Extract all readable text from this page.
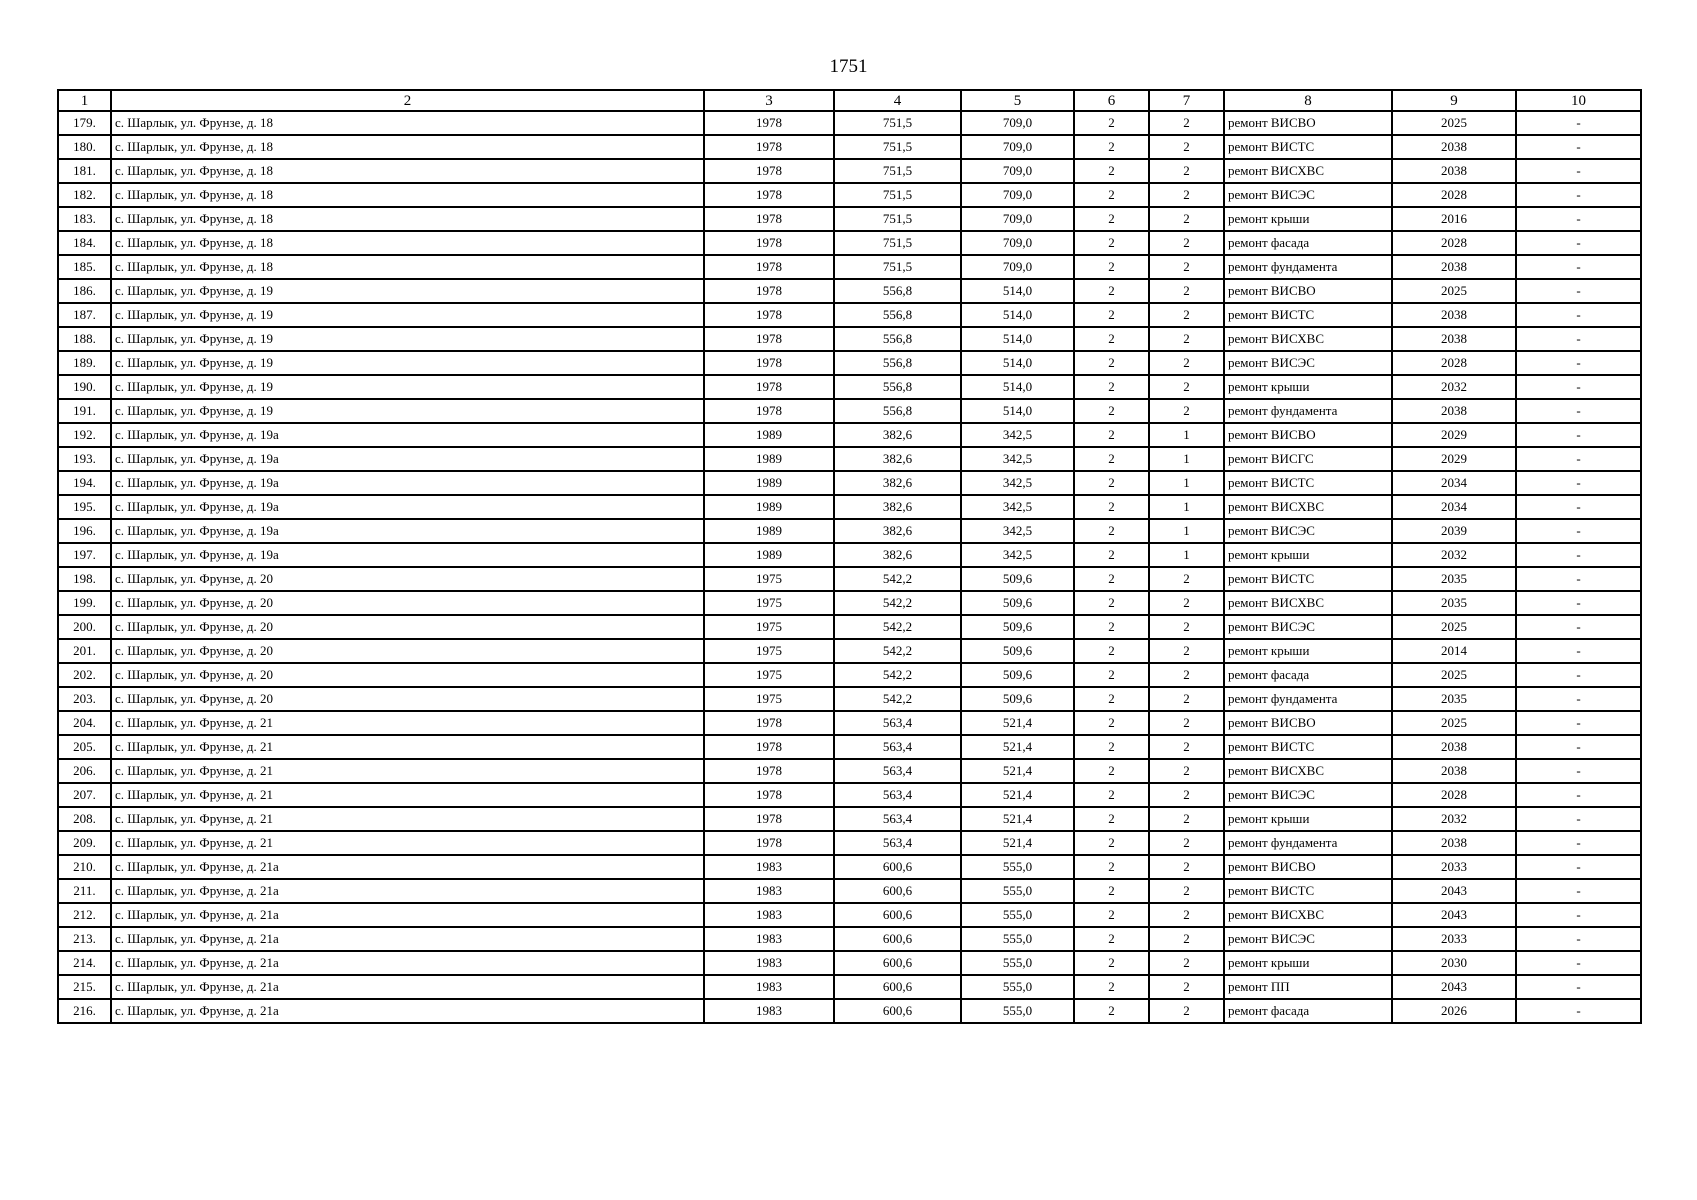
1751
1	2	3	4	5	6	7	8	9	10
179.	с. Шарлык, ул. Фрунзе, д. 18	1978	751,5	709,0	2	2	ремонт ВИСВО	2025	-
180.	с. Шарлык, ул. Фрунзе, д. 18	1978	751,5	709,0	2	2	ремонт ВИСТС	2038	-
181.	с. Шарлык, ул. Фрунзе, д. 18	1978	751,5	709,0	2	2	ремонт ВИСХВС	2038	-
182.	с. Шарлык, ул. Фрунзе, д. 18	1978	751,5	709,0	2	2	ремонт ВИСЭС	2028	-
183.	с. Шарлык, ул. Фрунзе, д. 18	1978	751,5	709,0	2	2	ремонт крыши	2016	-
184.	с. Шарлык, ул. Фрунзе, д. 18	1978	751,5	709,0	2	2	ремонт фасада	2028	-
185.	с. Шарлык, ул. Фрунзе, д. 18	1978	751,5	709,0	2	2	ремонт фундамента	2038	-
186.	с. Шарлык, ул. Фрунзе, д. 19	1978	556,8	514,0	2	2	ремонт ВИСВО	2025	-
187.	с. Шарлык, ул. Фрунзе, д. 19	1978	556,8	514,0	2	2	ремонт ВИСТС	2038	-
188.	с. Шарлык, ул. Фрунзе, д. 19	1978	556,8	514,0	2	2	ремонт ВИСХВС	2038	-
189.	с. Шарлык, ул. Фрунзе, д. 19	1978	556,8	514,0	2	2	ремонт ВИСЭС	2028	-
190.	с. Шарлык, ул. Фрунзе, д. 19	1978	556,8	514,0	2	2	ремонт крыши	2032	-
191.	с. Шарлык, ул. Фрунзе, д. 19	1978	556,8	514,0	2	2	ремонт фундамента	2038	-
192.	с. Шарлык, ул. Фрунзе, д. 19а	1989	382,6	342,5	2	1	ремонт ВИСВО	2029	-
193.	с. Шарлык, ул. Фрунзе, д. 19а	1989	382,6	342,5	2	1	ремонт ВИСГС	2029	-
194.	с. Шарлык, ул. Фрунзе, д. 19а	1989	382,6	342,5	2	1	ремонт ВИСТС	2034	-
195.	с. Шарлык, ул. Фрунзе, д. 19а	1989	382,6	342,5	2	1	ремонт ВИСХВС	2034	-
196.	с. Шарлык, ул. Фрунзе, д. 19а	1989	382,6	342,5	2	1	ремонт ВИСЭС	2039	-
197.	с. Шарлык, ул. Фрунзе, д. 19а	1989	382,6	342,5	2	1	ремонт крыши	2032	-
198.	с. Шарлык, ул. Фрунзе, д. 20	1975	542,2	509,6	2	2	ремонт ВИСТС	2035	-
199.	с. Шарлык, ул. Фрунзе, д. 20	1975	542,2	509,6	2	2	ремонт ВИСХВС	2035	-
200.	с. Шарлык, ул. Фрунзе, д. 20	1975	542,2	509,6	2	2	ремонт ВИСЭС	2025	-
201.	с. Шарлык, ул. Фрунзе, д. 20	1975	542,2	509,6	2	2	ремонт крыши	2014	-
202.	с. Шарлык, ул. Фрунзе, д. 20	1975	542,2	509,6	2	2	ремонт фасада	2025	-
203.	с. Шарлык, ул. Фрунзе, д. 20	1975	542,2	509,6	2	2	ремонт фундамента	2035	-
204.	с. Шарлык, ул. Фрунзе, д. 21	1978	563,4	521,4	2	2	ремонт ВИСВО	2025	-
205.	с. Шарлык, ул. Фрунзе, д. 21	1978	563,4	521,4	2	2	ремонт ВИСТС	2038	-
206.	с. Шарлык, ул. Фрунзе, д. 21	1978	563,4	521,4	2	2	ремонт ВИСХВС	2038	-
207.	с. Шарлык, ул. Фрунзе, д. 21	1978	563,4	521,4	2	2	ремонт ВИСЭС	2028	-
208.	с. Шарлык, ул. Фрунзе, д. 21	1978	563,4	521,4	2	2	ремонт крыши	2032	-
209.	с. Шарлык, ул. Фрунзе, д. 21	1978	563,4	521,4	2	2	ремонт фундамента	2038	-
210.	с. Шарлык, ул. Фрунзе, д. 21а	1983	600,6	555,0	2	2	ремонт ВИСВО	2033	-
211.	с. Шарлык, ул. Фрунзе, д. 21а	1983	600,6	555,0	2	2	ремонт ВИСТС	2043	-
212.	с. Шарлык, ул. Фрунзе, д. 21а	1983	600,6	555,0	2	2	ремонт ВИСХВС	2043	-
213.	с. Шарлык, ул. Фрунзе, д. 21а	1983	600,6	555,0	2	2	ремонт ВИСЭС	2033	-
214.	с. Шарлык, ул. Фрунзе, д. 21а	1983	600,6	555,0	2	2	ремонт крыши	2030	-
215.	с. Шарлык, ул. Фрунзе, д. 21а	1983	600,6	555,0	2	2	ремонт ПП	2043	-
216.	с. Шарлык, ул. Фрунзе, д. 21а	1983	600,6	555,0	2	2	ремонт фасада	2026	-
